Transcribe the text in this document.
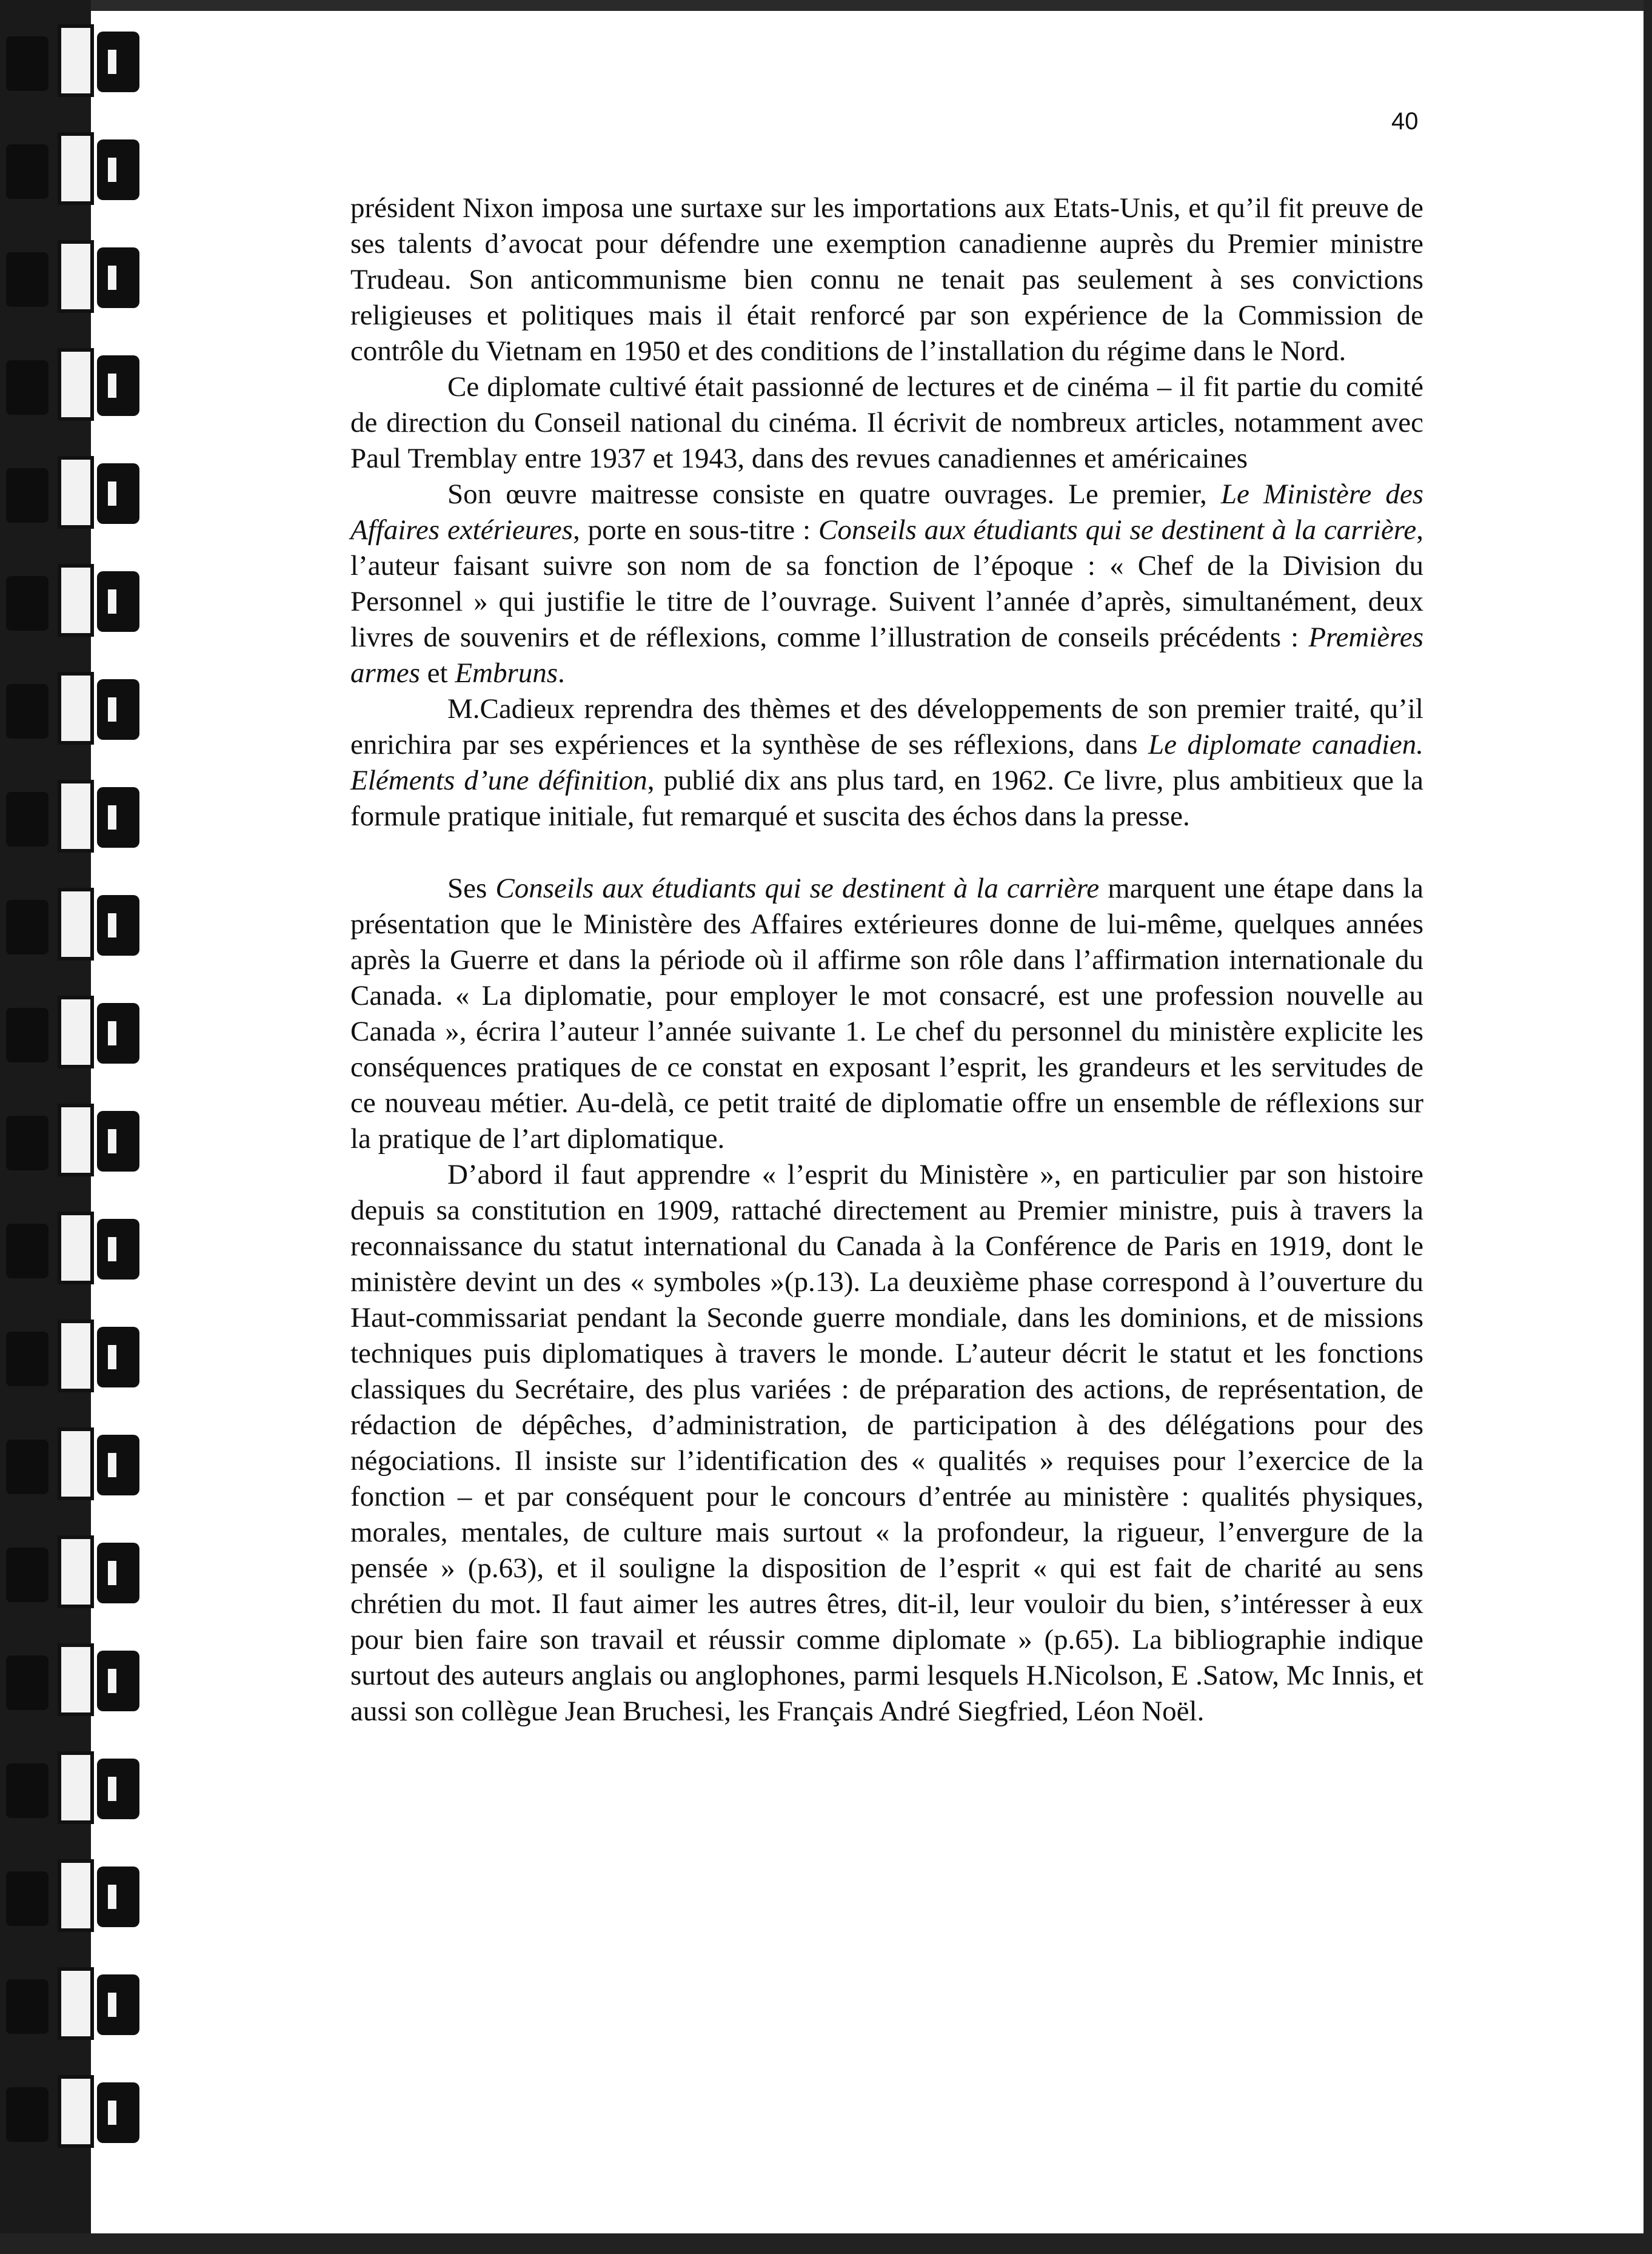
40

président Nixon imposa une surtaxe sur les importations aux Etats-Unis, et qu’il fit preuve de ses talents d’avocat pour défendre une exemption canadienne auprès du Premier ministre Trudeau. Son anticommunisme bien connu ne tenait pas seulement à ses convictions religieuses et politiques mais il était renforcé par son expérience de la Commission de contrôle du Vietnam en 1950 et des conditions de l’installation du régime dans le Nord.

Ce diplomate cultivé était passionné de lectures et de cinéma – il fit partie du comité de direction du Conseil national du cinéma. Il écrivit de nombreux articles, notamment avec Paul Tremblay entre 1937 et 1943, dans des revues canadiennes et américaines

Son œuvre maitresse consiste en quatre ouvrages. Le premier, Le Ministère des Affaires extérieures, porte en sous-titre : Conseils aux étudiants qui se destinent à la carrière, l’auteur faisant suivre son nom de sa fonction de l’époque : « Chef de la Division du Personnel » qui justifie le titre de l’ouvrage. Suivent l’année d’après, simultanément, deux livres de souvenirs et de réflexions, comme l’illustration de conseils précédents : Premières armes et Embruns.

M.Cadieux reprendra des thèmes et des développements de son premier traité, qu’il enrichira par ses expériences et la synthèse de ses réflexions, dans Le diplomate canadien. Eléments d’une définition, publié dix ans plus tard, en 1962. Ce livre, plus ambitieux que la formule pratique initiale, fut remarqué et suscita des échos dans la presse.

Ses Conseils aux étudiants qui se destinent à la carrière marquent une étape dans la présentation que le Ministère des Affaires extérieures donne de lui-même, quelques années après la Guerre et dans la période où il affirme son rôle dans l’affirmation internationale du Canada. « La diplomatie, pour employer le mot consacré, est une profession nouvelle au Canada », écrira l’auteur l’année suivante 1. Le chef du personnel du ministère explicite les conséquences pratiques de ce constat en exposant l’esprit, les grandeurs et les servitudes de ce nouveau métier. Au-delà, ce petit traité de diplomatie offre un ensemble de réflexions sur la pratique de l’art diplomatique.

D’abord il faut apprendre « l’esprit du Ministère », en particulier par son histoire depuis sa constitution en 1909, rattaché directement au Premier ministre, puis à travers la reconnaissance du statut international du Canada à la Conférence de Paris en 1919, dont le ministère devint un des « symboles »(p.13). La deuxième phase correspond à l’ouverture du Haut-commissariat pendant la Seconde guerre mondiale, dans les dominions, et de missions techniques puis diplomatiques à travers le monde. L’auteur décrit le statut et les fonctions classiques du Secrétaire, des plus variées : de préparation des actions, de représentation, de rédaction de dépêches, d’administration, de participation à des délégations pour des négociations. Il insiste sur l’identification des « qualités » requises pour l’exercice de la fonction – et par conséquent pour le concours d’entrée au ministère : qualités physiques, morales, mentales, de culture mais surtout « la profondeur, la rigueur, l’envergure de la pensée » (p.63), et il souligne la disposition de l’esprit « qui est fait de charité au sens chrétien du mot. Il faut aimer les autres êtres, dit-il, leur vouloir du bien, s’intéresser à eux pour bien faire son travail et réussir comme diplomate » (p.65). La bibliographie indique surtout des auteurs anglais ou anglophones, parmi lesquels H.Nicolson, E .Satow, Mc Innis, et aussi son collègue Jean Bruchesi, les Français André Siegfried, Léon Noël.
